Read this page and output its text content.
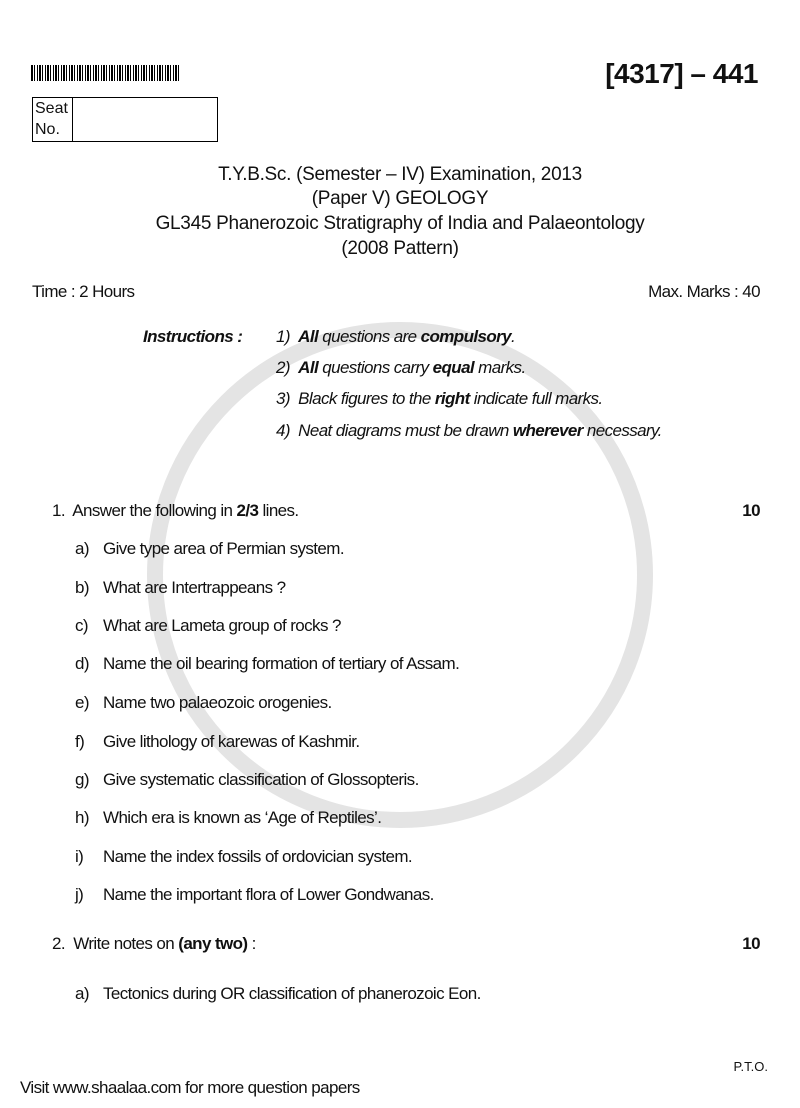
[4317] – 441
Seat
No.
T.Y.B.Sc. (Semester – IV) Examination, 2013
(Paper V) GEOLOGY
GL345 Phanerozoic Stratigraphy of India and Palaeontology
(2008 Pattern)
Time : 2 Hours	Max. Marks : 40
Instructions : 1) All questions are compulsory.
2) All questions carry equal marks.
3) Black figures to the right indicate full marks.
4) Neat diagrams must be drawn wherever necessary.
1. Answer the following in 2/3 lines.	10
a) Give type area of Permian system.
b) What are Intertrappeans ?
c) What are Lameta group of rocks ?
d) Name the oil bearing formation of tertiary of Assam.
e) Name two palaeozoic orogenies.
f) Give lithology of karewas of Kashmir.
g) Give systematic classification of Glossopteris.
h) Which era is known as ‘Age of Reptiles’.
i) Name the index fossils of ordovician system.
j) Name the important flora of Lower Gondwanas.
2. Write notes on (any two) :	10
a) Tectonics during OR classification of phanerozoic Eon.
P.T.O.
Visit www.shaalaa.com for more question papers
